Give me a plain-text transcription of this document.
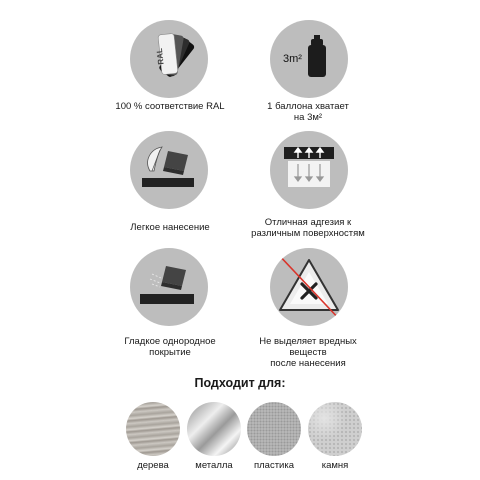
RAL
100 % соответствие RAL
3m²
1 баллона хватает
на 3м²
Легкое нанесение	Отличная адгезия к
различным поверхностям
Гладкое однородное
покрытие
Не выделяет вредных
веществ
после нанесения
Подходит для:
дерева	металла	пластика	камня
